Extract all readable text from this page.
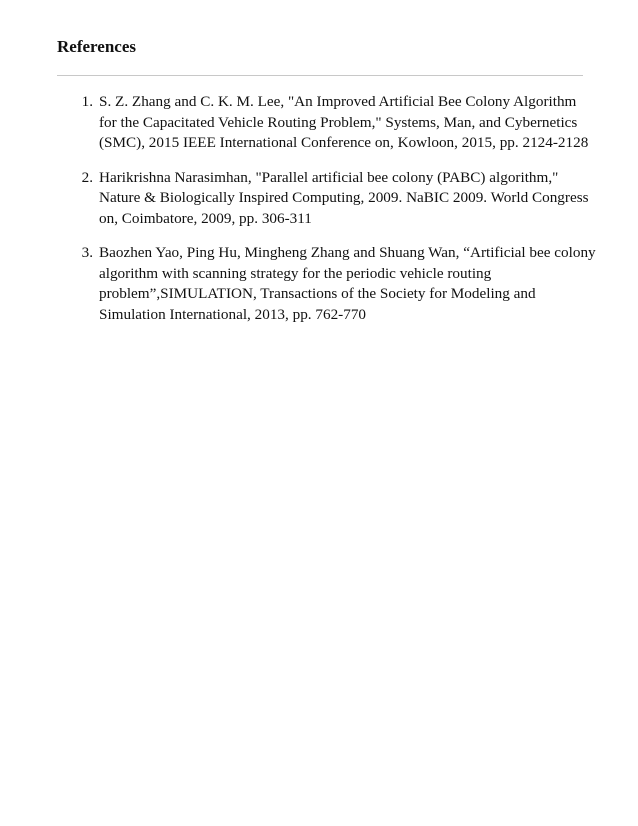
References
1. S. Z. Zhang and C. K. M. Lee, "An Improved Artificial Bee Colony Algorithm for the Capacitated Vehicle Routing Problem," Systems, Man, and Cybernetics (SMC), 2015 IEEE International Conference on, Kowloon, 2015, pp. 2124-2128
2. Harikrishna Narasimhan, "Parallel artificial bee colony (PABC) algorithm," Nature & Biologically Inspired Computing, 2009. NaBIC 2009. World Congress on, Coimbatore, 2009, pp. 306-311
3. Baozhen Yao, Ping Hu, Mingheng Zhang and Shuang Wan, “Artificial bee colony algorithm with scanning strategy for the periodic vehicle routing problem”,SIMULATION, Transactions of the Society for Modeling and Simulation International, 2013, pp. 762-770
